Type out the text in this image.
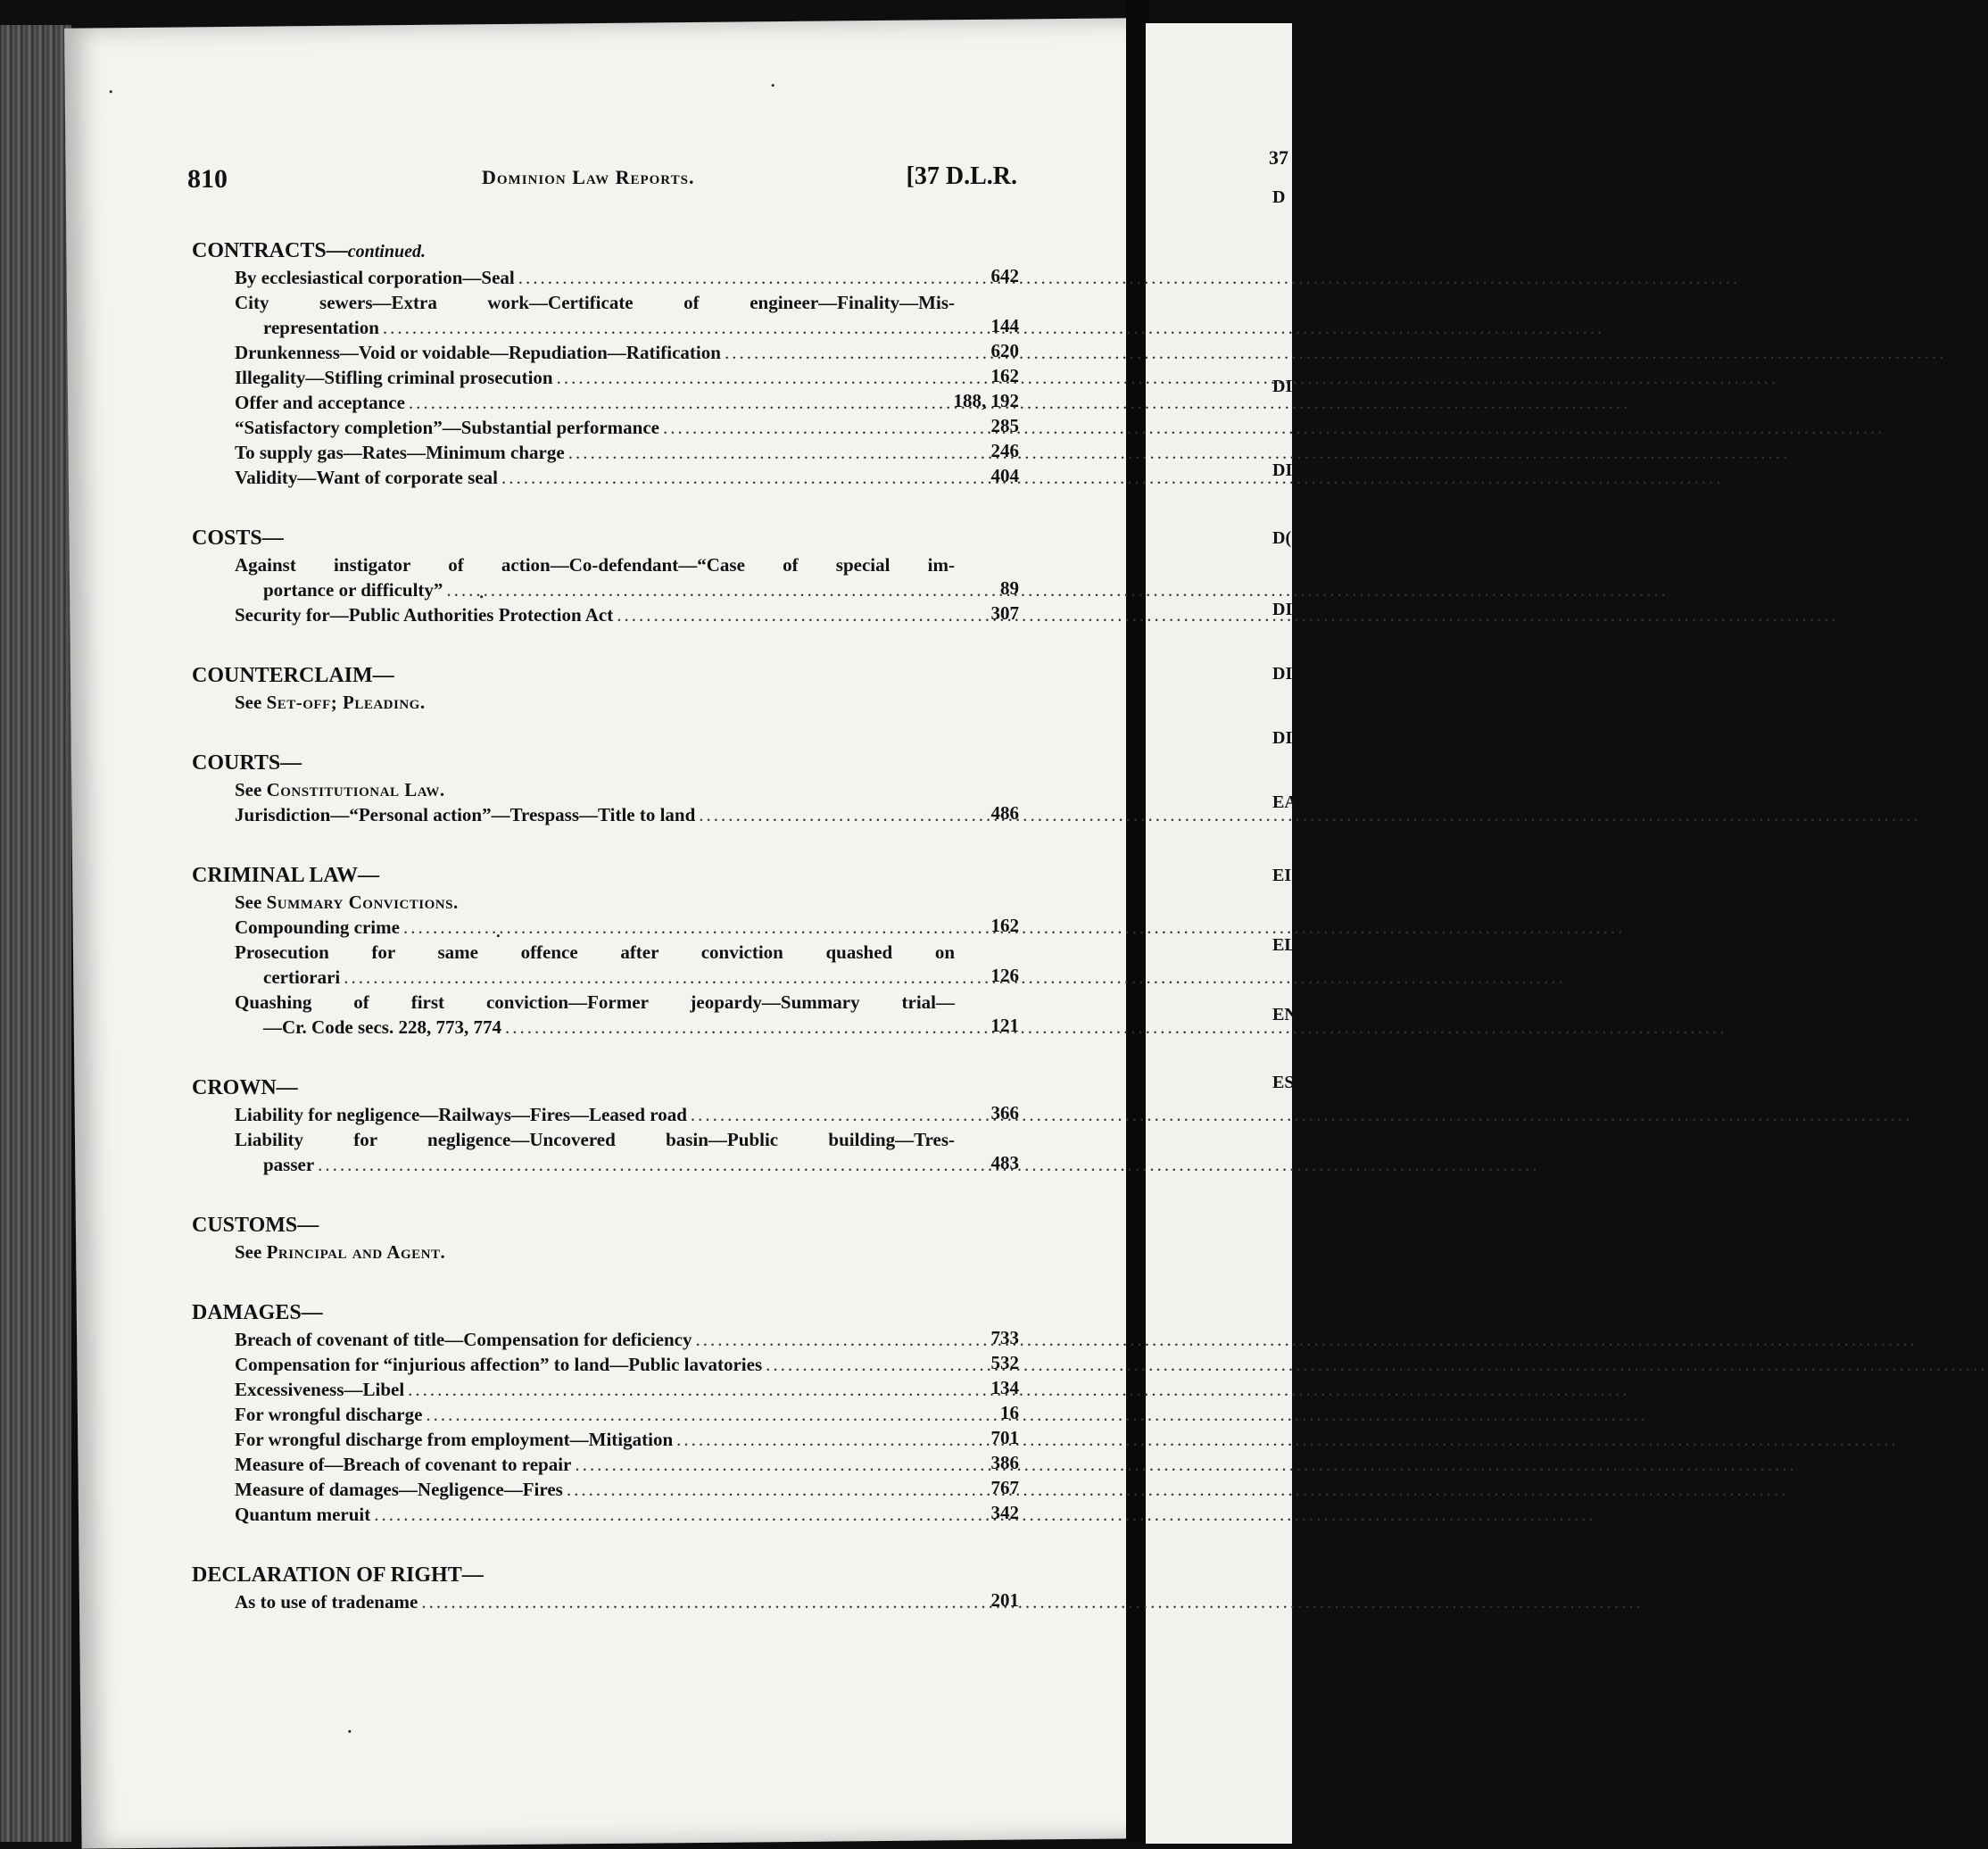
37
D
DI
DI
D(
DI
DI
DI
EA
EI
EL
EN
ES
810	Dominion Law Reports.	[37 D.L.R.
CONTRACTS—continued.
By ecclesiastical corporation—Seal .....	642
City sewers—Extra work—Certificate of engineer—Finality—Mis-
representation .....	144
Drunkenness—Void or voidable—Repudiation—Ratification .....	620
Illegality—Stifling criminal prosecution .....	162
Offer and acceptance .....	188, 192
“Satisfactory completion”—Substantial performance .....	285
To supply gas—Rates—Minimum charge .....	246
Validity—Want of corporate seal .....	404
COSTS—
Against instigator of action—Co-defendant—“Case of special im-
portance or difficulty” .....	89
Security for—Public Authorities Protection Act .....	307
COUNTERCLAIM—
See Set-off; Pleading.
COURTS—
See Constitutional Law.
Jurisdiction—“Personal action”—Trespass—Title to land .....	486
CRIMINAL LAW—
See Summary Convictions.
Compounding crime .....	162
Prosecution for same offence after conviction quashed on
certiorari .....	126
Quashing of first conviction—Former jeopardy—Summary trial—
—Cr. Code secs. 228, 773, 774 .....	121
CROWN—
Liability for negligence—Railways—Fires—Leased road .....	366
Liability for negligence—Uncovered basin—Public building—Tres-
passer .....	483
CUSTOMS—
See Principal and Agent.
DAMAGES—
Breach of covenant of title—Compensation for deficiency .....	733
Compensation for “injurious affection” to land—Public lavatories .....	532
Excessiveness—Libel .....	134
For wrongful discharge .....	16
For wrongful discharge from employment—Mitigation .....	701
Measure of—Breach of covenant to repair .....	386
Measure of damages—Negligence—Fires .....	767
Quantum meruit .....	342
DECLARATION OF RIGHT—
As to use of tradename .....	201
